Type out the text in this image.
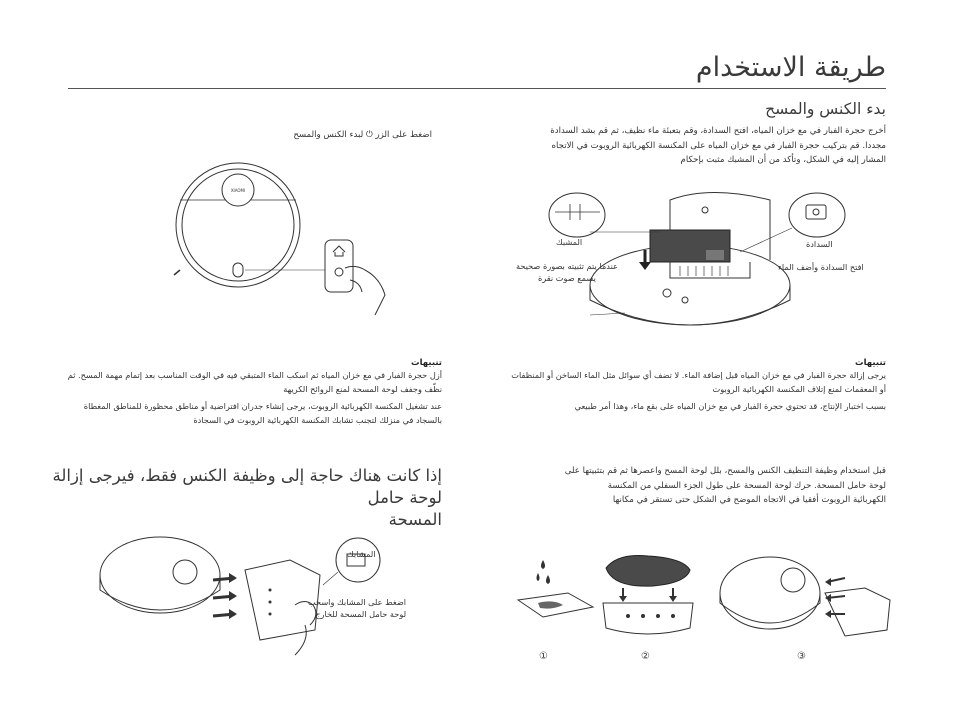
طريقة الاستخدام
بدء الكنس والمسح
أخرج حجرة الفبار في مع خزان المياه، افتح السدادة، وقم بتعبئة ماء نظيف، ثم قم بشد السدادة
مجددا. قم بتركيب حجرة الفبار في مع خزان المياه على المكنسة الكهربائية الروبوت في الاتجاه
المشار إليه في الشكل، وتأكد من أن المشبك مثبت بإحكام
المشبك
عندما يتم تثبيته بصورة صحيحة
يسمع صوت نقرة
السدادة
افتح السدادة وأضف الماء
تنبيهات
يرجى إزالة حجرة الفبار في مع خزان المياه قبل إضافة الماء. لا تضف أي سوائل مثل الماء الساخن أو المنظفات
أو المعقمات لمنع إتلاف المكنسة الكهربائية الروبوت
بسبب اختبار الإنتاج، قد تحتوي حجرة الفبار في مع خزان المياه على بقع ماء، وهذا أمر طبيعي
قبل استخدام وظيفة التنظيف الكنس والمسح، بلل لوحة المسح واعصرها ثم قم بتثبيتها على
لوحة حامل المسحة. حرك لوحة المسحة على طول الجزء السفلي من المكنسة
الكهربائية الروبوت أفقيا في الاتجاه الموضح في الشكل حتى تستقر في مكانها
①	②	③
اضغط على الزر ⏻ لبدء الكنس والمسح
XIAOMI
تنبيهات
أزل حجرة الفبار في مع خزان المياه ثم اسكب الماء المتبقي فيه في الوقت المناسب بعد إتمام مهمة المسح. ثم
نظّف وجفف لوحة المسحة لمنع الروائح الكريهة
عند تشغيل المكنسة الكهربائية الروبوت، يرجى إنشاء جدران افتراضية أو مناطق محظورة للمناطق المغطاة
بالسجاد في منزلك لتجنب تشابك المكنسة الكهربائية الروبوت في السجادة
إذا كانت هناك حاجة إلى وظيفة الكنس فقط، فيرجى إزالة لوحة حامل
المسحة
المشابك
اضغط على المشابك واسحب
لوحة حامل المسحة للخارج
